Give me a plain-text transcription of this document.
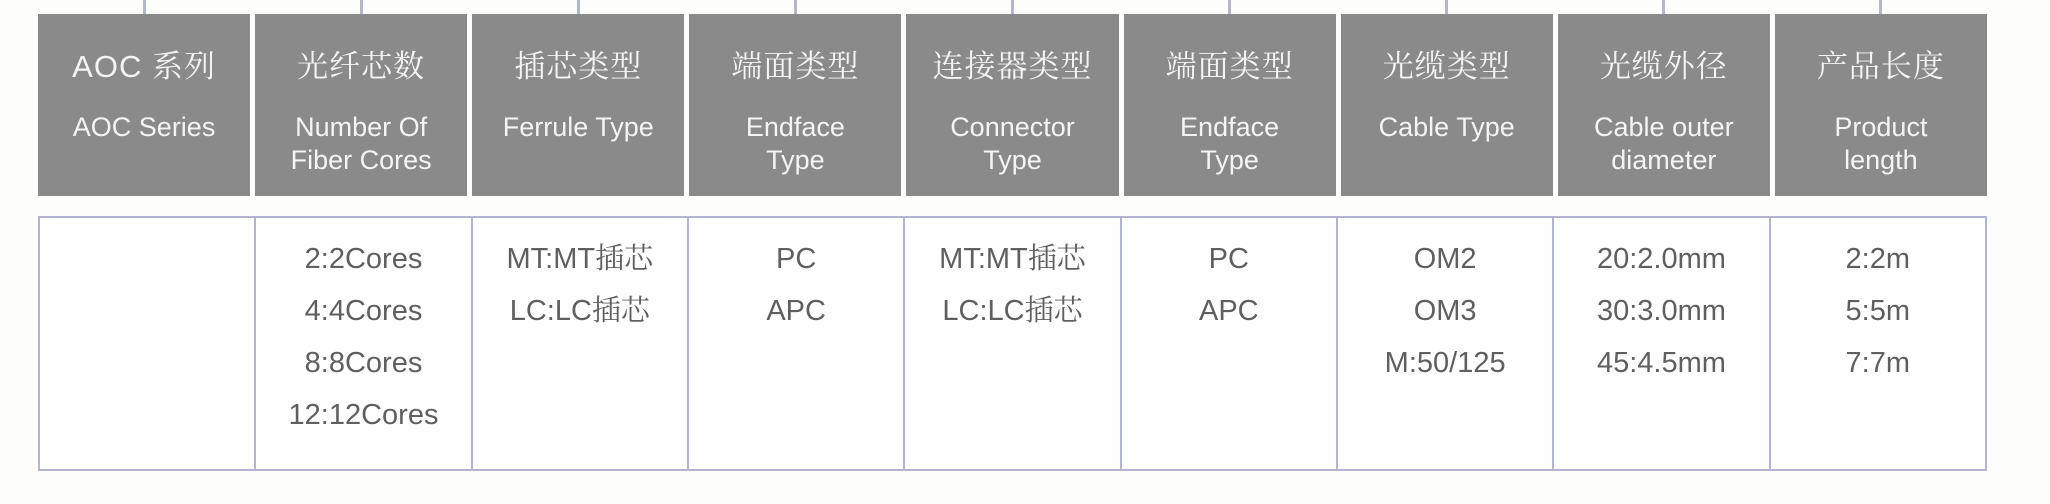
AOC 系列
AOC Series
光纤芯数
Number Of Fiber Cores
插芯类型
Ferrule Type
端面类型
Endface Type
连接器类型
Connector Type
端面类型
Endface Type
光缆类型
Cable Type
光缆外径
Cable outer diameter
产品长度
Product length
2:2Cores
4:4Cores
8:8Cores
12:12Cores
MT:MT插芯
LC:LC插芯
PC
APC
MT:MT插芯
LC:LC插芯
PC
APC
OM2
OM3
M:50/125
20:2.0mm
30:3.0mm
45:4.5mm
2:2m
5:5m
7:7m
